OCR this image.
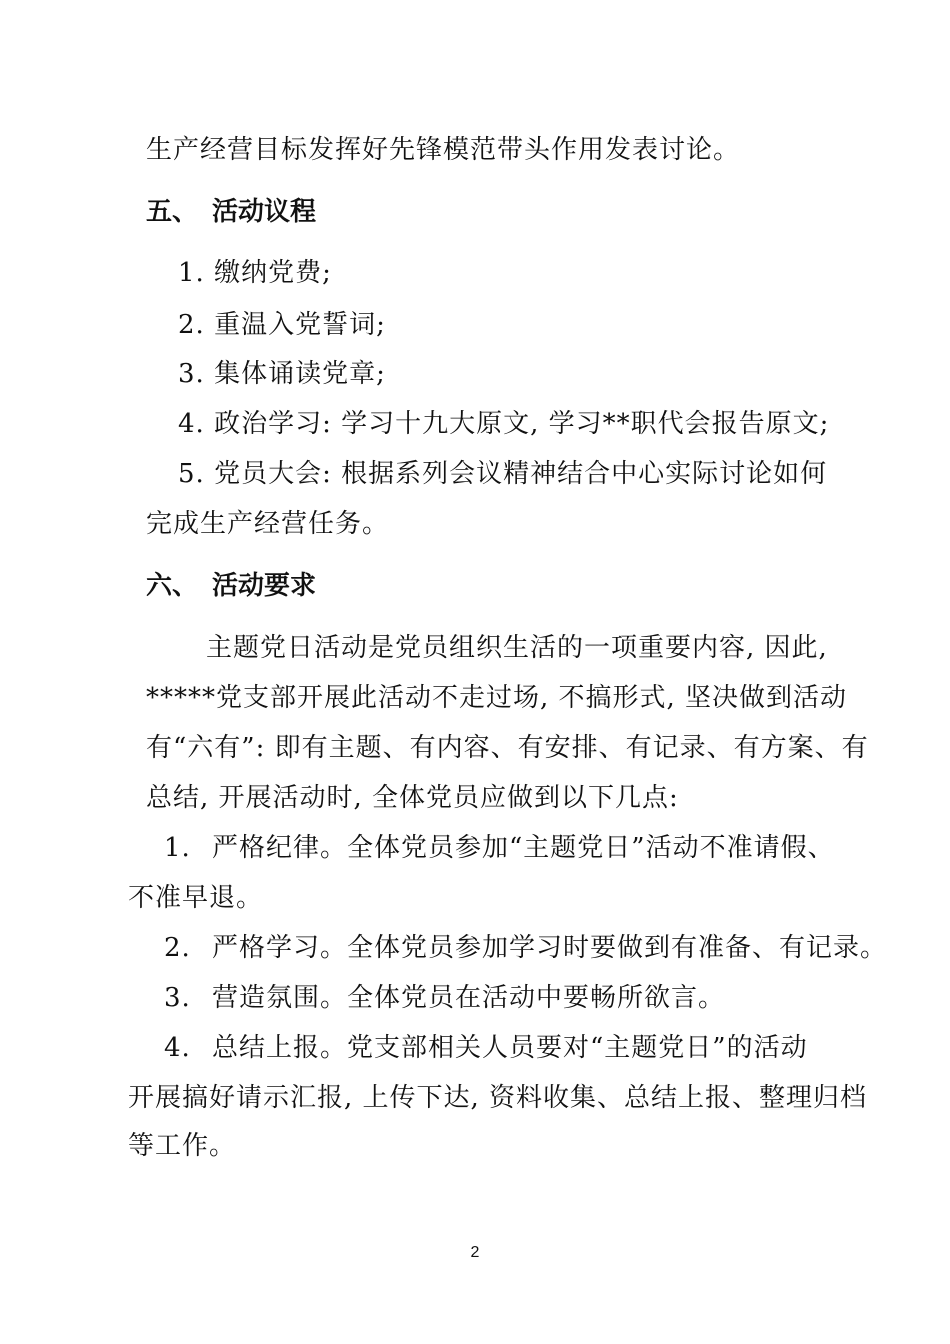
生产经营目标发挥好先锋模范带头作用发表讨论。
五、 活动议程
1. 缴纳党费;
2. 重温入党誓词;
3. 集体诵读党章;
4. 政治学习: 学习十九大原文, 学习**职代会报告原文;
5. 党员大会: 根据系列会议精神结合中心实际讨论如何
完成生产经营任务。
六、 活动要求
主题党日活动是党员组织生活的一项重要内容, 因此,
*****党支部开展此活动不走过场, 不搞形式, 坚决做到活动
有“六有”: 即有主题、有内容、有安排、有记录、有方案、有
总结, 开展活动时, 全体党员应做到以下几点:
1. 严格纪律。全体党员参加“主题党日”活动不准请假、
不准早退。
2. 严格学习。全体党员参加学习时要做到有准备、有记录。
3. 营造氛围。全体党员在活动中要畅所欲言。
4. 总结上报。党支部相关人员要对“主题党日”的活动
开展搞好请示汇报, 上传下达, 资料收集、总结上报、整理归档
等工作。
2
